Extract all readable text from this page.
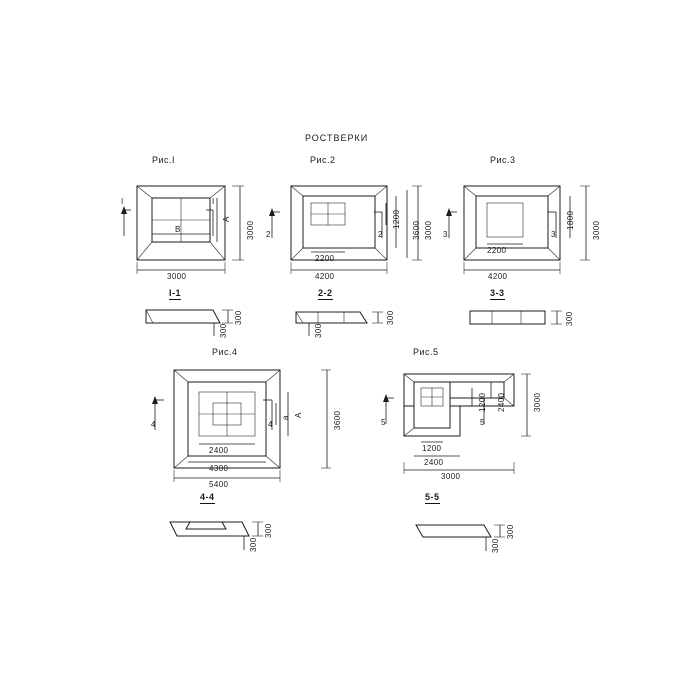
РОСТВЕРКИ
Рис.I
I	I
B
A
3000
3000
I-1
300
300
Рис.2
2	2
2200
4200
1200
3600 3000
2-2
300
300
Рис.3
3	3
2200
4200
1800
3000
3-3
300
Рис.4
4	4
2400
4300
5400
A
a	3600
4-4
300
300
Рис.5
5	5
1200
2400
3000
1200 2400	3000
5-5
300
300
